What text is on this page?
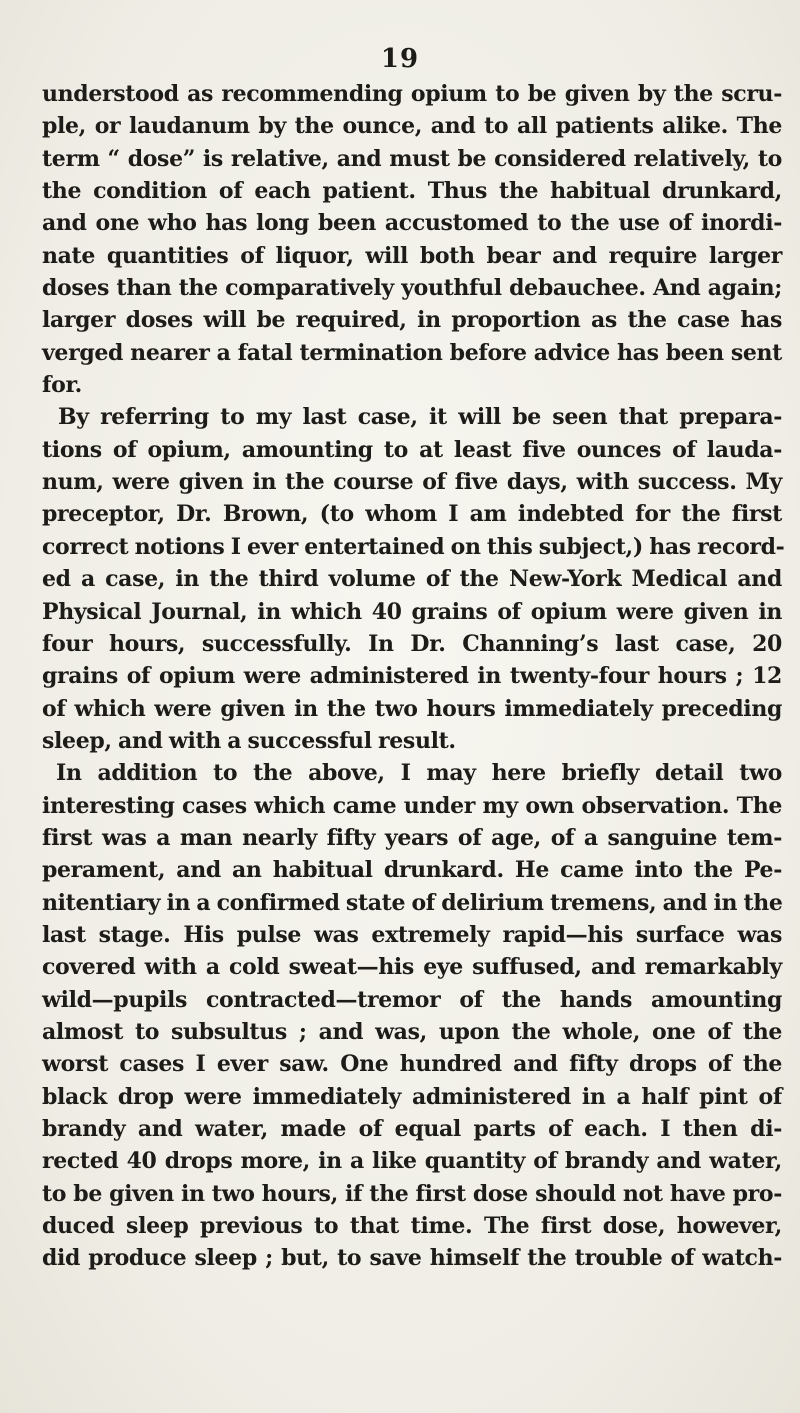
19
understood as recommending opium to be given by the scru-
ple, or laudanum by the ounce, and to all patients alike. The
term “ dose” is relative, and must be considered relatively, to
the condition of each patient. Thus the habitual drunkard,
and one who has long been accustomed to the use of inordi-
nate quantities of liquor, will both bear and require larger
doses than the comparatively youthful debauchee. And again;
larger doses will be required, in proportion as the case has
verged nearer a fatal termination before advice has been sent
for.
By referring to my last case, it will be seen that prepara-
tions of opium, amounting to at least five ounces of lauda-
num, were given in the course of five days, with success. My
preceptor, Dr. Brown, (to whom I am indebted for the first
correct notions I ever entertained on this subject,) has record-
ed a case, in the third volume of the New-York Medical and
Physical Journal, in which 40 grains of opium were given in
four hours, successfully. In Dr. Channing’s last case, 20
grains of opium were administered in twenty-four hours ; 12
of which were given in the two hours immediately preceding
sleep, and with a successful result.
In addition to the above, I may here briefly detail two
interesting cases which came under my own observation. The
first was a man nearly fifty years of age, of a sanguine tem-
perament, and an habitual drunkard. He came into the Pe-
nitentiary in a confirmed state of delirium tremens, and in the
last stage. His pulse was extremely rapid—his surface was
covered with a cold sweat—his eye suffused, and remarkably
wild—pupils contracted—tremor of the hands amounting
almost to subsultus ; and was, upon the whole, one of the
worst cases I ever saw. One hundred and fifty drops of the
black drop were immediately administered in a half pint of
brandy and water, made of equal parts of each. I then di-
rected 40 drops more, in a like quantity of brandy and water,
to be given in two hours, if the first dose should not have pro-
duced sleep previous to that time. The first dose, however,
did produce sleep ; but, to save himself the trouble of watch-
